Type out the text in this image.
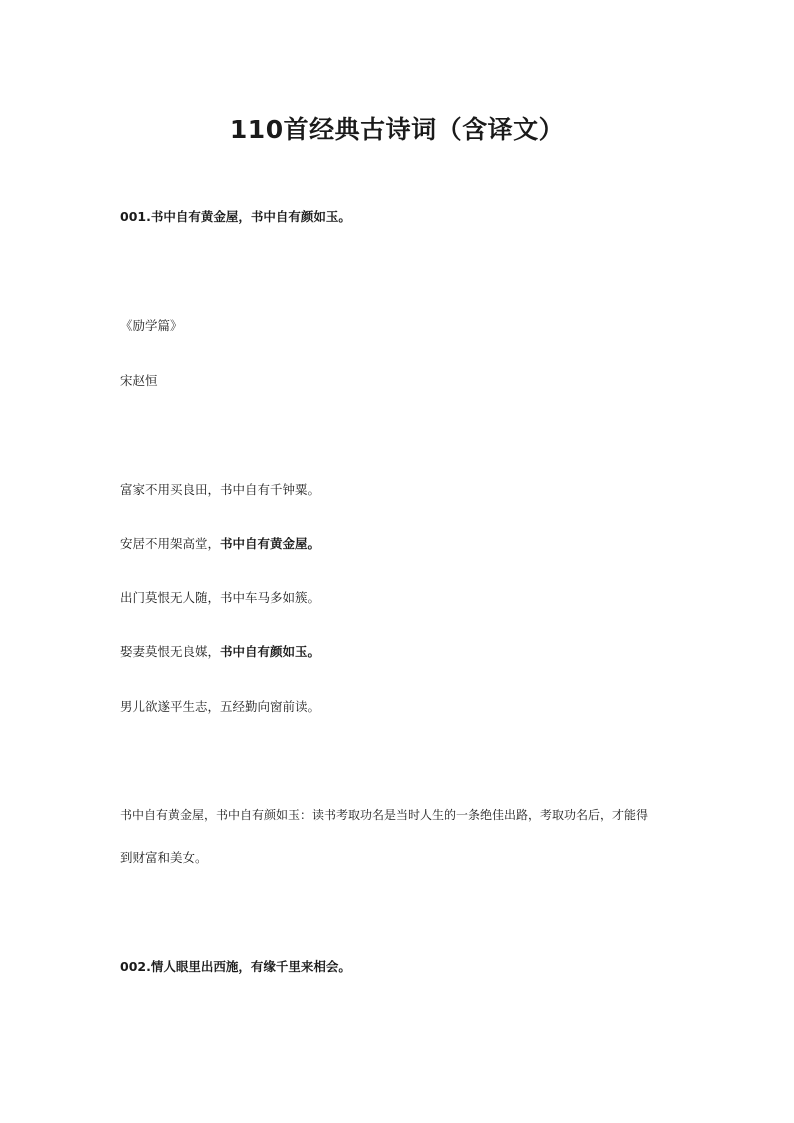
110首经典古诗词（含译文）

001.书中自有黄金屋，书中自有颜如玉。

《励学篇》

宋赵恒

富家不用买良田，书中自有千钟粟。

安居不用架高堂，书中自有黄金屋。

出门莫恨无人随，书中车马多如簇。

娶妻莫恨无良媒，书中自有颜如玉。

男儿欲遂平生志，五经勤向窗前读。

书中自有黄金屋，书中自有颜如玉：读书考取功名是当时人生的一条绝佳出路，考取功名后，才能得

到财富和美女。

002.情人眼里出西施，有缘千里来相会。
